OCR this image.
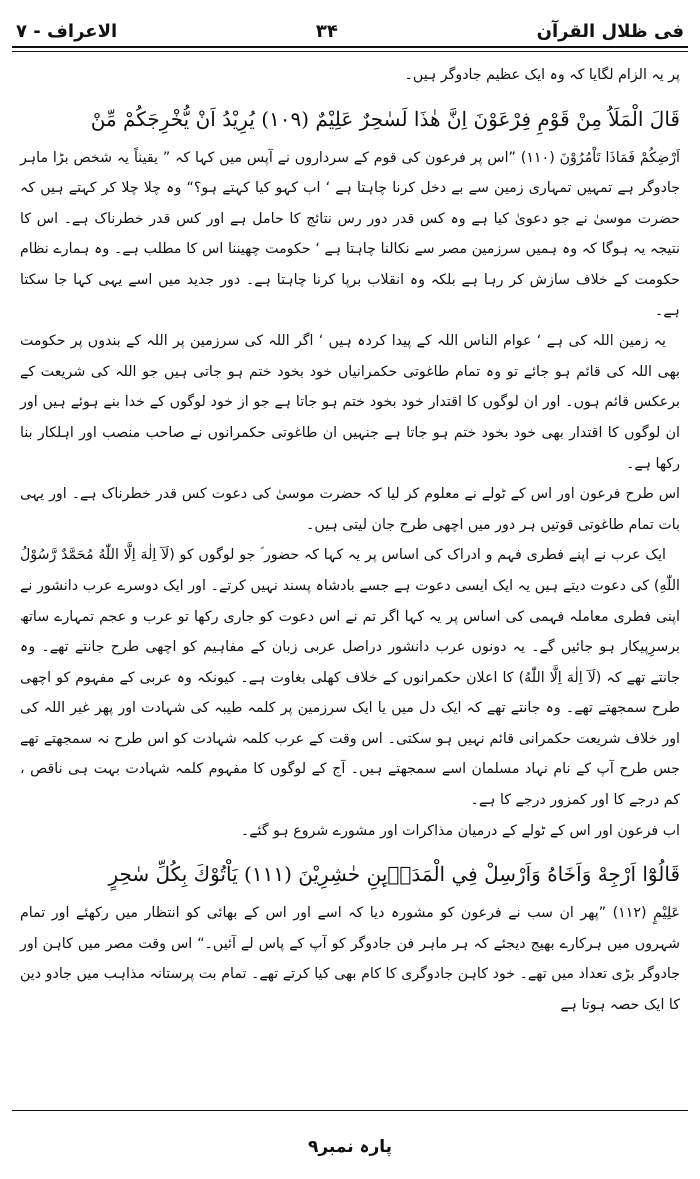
فی ظلال القرآن
۳۴
الاعراف - ۷

پر یہ الزام لگایا کہ وہ ایک عظیم جادوگر ہیں۔

قَالَ الْمَلَاُ مِنْ قَوْمِ فِرْعَوْنَ اِنَّ هٰذَا لَسٰحِرٌ عَلِيْمٌ (۱۰۹) يُرِيْدُ اَنْ يُّخْرِجَكُمْ مِّنْ

اَرْضِكُمْ فَمَاذَا تَاْمُرُوْنَ (۱۱۰) ”اس پر فرعون کی قوم کے سرداروں نے آپس میں کہا کہ ” یقیناً یہ شخص بڑا ماہر جادوگر ہے تمہیں تمہاری زمین سے بے دخل کرنا چاہتا ہے ‘ اب کہو کیا کہتے ہو؟“ وہ چلا چلا کر کہتے ہیں کہ حضرت موسیٰ نے جو دعویٰ کیا ہے وہ کس قدر دور رس نتائج کا حامل ہے اور کس قدر خطرناک ہے۔ اس کا نتیجہ یہ ہوگا کہ وہ ہمیں سرزمین مصر سے نکالنا چاہتا ہے ‘ حکومت چھیننا اس کا مطلب ہے۔ وہ ہمارے نظام حکومت کے خلاف سازش کر رہا ہے بلکہ وہ انقلاب برپا کرنا چاہتا ہے۔ دور جدید میں اسے یہی کہا جا سکتا ہے۔

یہ زمین اللہ کی ہے ‘ عوام الناس اللہ کے پیدا کردہ ہیں ‘ اگر اللہ کی سرزمین پر اللہ کے بندوں پر حکومت بھی اللہ کی قائم ہو جائے تو وہ تمام طاغوتی حکمرانیاں خود بخود ختم ہو جاتی ہیں جو اللہ کی شریعت کے برعکس قائم ہوں۔ اور ان لوگوں کا اقتدار خود بخود ختم ہو جاتا ہے جو از خود لوگوں کے خدا بنے ہوئے ہیں اور ان لوگوں کا اقتدار بھی خود بخود ختم ہو جاتا ہے جنہیں ان طاغوتی حکمرانوں نے صاحب منصب اور اہلکار بنا رکھا ہے۔

اس طرح فرعون اور اس کے ٹولے نے معلوم کر لیا کہ حضرت موسیٰ کی دعوت کس قدر خطرناک ہے۔ اور یہی بات تمام طاغوتی قوتیں ہر دور میں اچھی طرح جان لیتی ہیں۔

ایک عرب نے اپنے فطری فہم و ادراک کی اساس پر یہ کہا کہ حضور ؐ جو لوگوں کو (لَآ اِلٰهَ اِلَّا اللّٰهُ مُحَمَّدٌ رَّسُوْلُ اللّٰهِ) کی دعوت دیتے ہیں یہ ایک ایسی دعوت ہے جسے بادشاہ پسند نہیں کرتے۔ اور ایک دوسرے عرب دانشور نے اپنی فطری معاملہ فہمی کی اساس پر یہ کہا اگر تم نے اس دعوت کو جاری رکھا تو عرب و عجم تمہارے ساتھ برسرِپیکار ہو جائیں گے۔ یہ دونوں عرب دانشور دراصل عربی زبان کے مفاہیم کو اچھی طرح جانتے تھے۔ وہ جانتے تھے کہ (لَآ اِلٰهَ اِلَّا اللّٰهُ) کا اعلان حکمرانوں کے خلاف کھلی بغاوت ہے۔ کیونکہ وہ عربی کے مفہوم کو اچھی طرح سمجھتے تھے۔ وہ جانتے تھے کہ ایک دل میں یا ایک سرزمین پر کلمہ طیبہ کی شہادت اور پھر غیر اللہ کی اور خلاف شریعت حکمرانی قائم نہیں ہو سکتی۔ اس وقت کے عرب کلمہ شہادت کو اس طرح نہ سمجھتے تھے جس طرح آپ کے نام نہاد مسلمان اسے سمجھتے ہیں۔ آج کے لوگوں کا مفہوم کلمہ شہادت بہت ہی ناقص ، کم درجے کا اور کمزور درجے کا ہے۔

اب فرعون اور اس کے ٹولے کے درمیان مذاکرات اور مشورے شروع ہو گئے۔

قَالُوْٓا اَرْجِهْ وَاَخَاهُ وَاَرْسِلْ فِي الْمَدَاۗىِٕنِ حٰشِرِيْنَ (۱۱۱) يَاْتُوْكَ بِكُلِّ سٰحِرٍ

عَلِيْمٍ (۱۱۲) ”پھر ان سب نے فرعون کو مشورہ دیا کہ اسے اور اس کے بھائی کو انتظار میں رکھئے اور تمام شہروں میں ہرکارے بھیج دیجئے کہ ہر ماہر فن جادوگر کو آپ کے پاس لے آئیں۔“ اس وقت مصر میں کاہن اور جادوگر بڑی تعداد میں تھے۔ خود کاہن جادوگری کا کام بھی کیا کرتے تھے۔ تمام بت پرستانہ مذاہب میں جادو دین کا ایک حصہ ہوتا ہے

پارہ نمبر۹
